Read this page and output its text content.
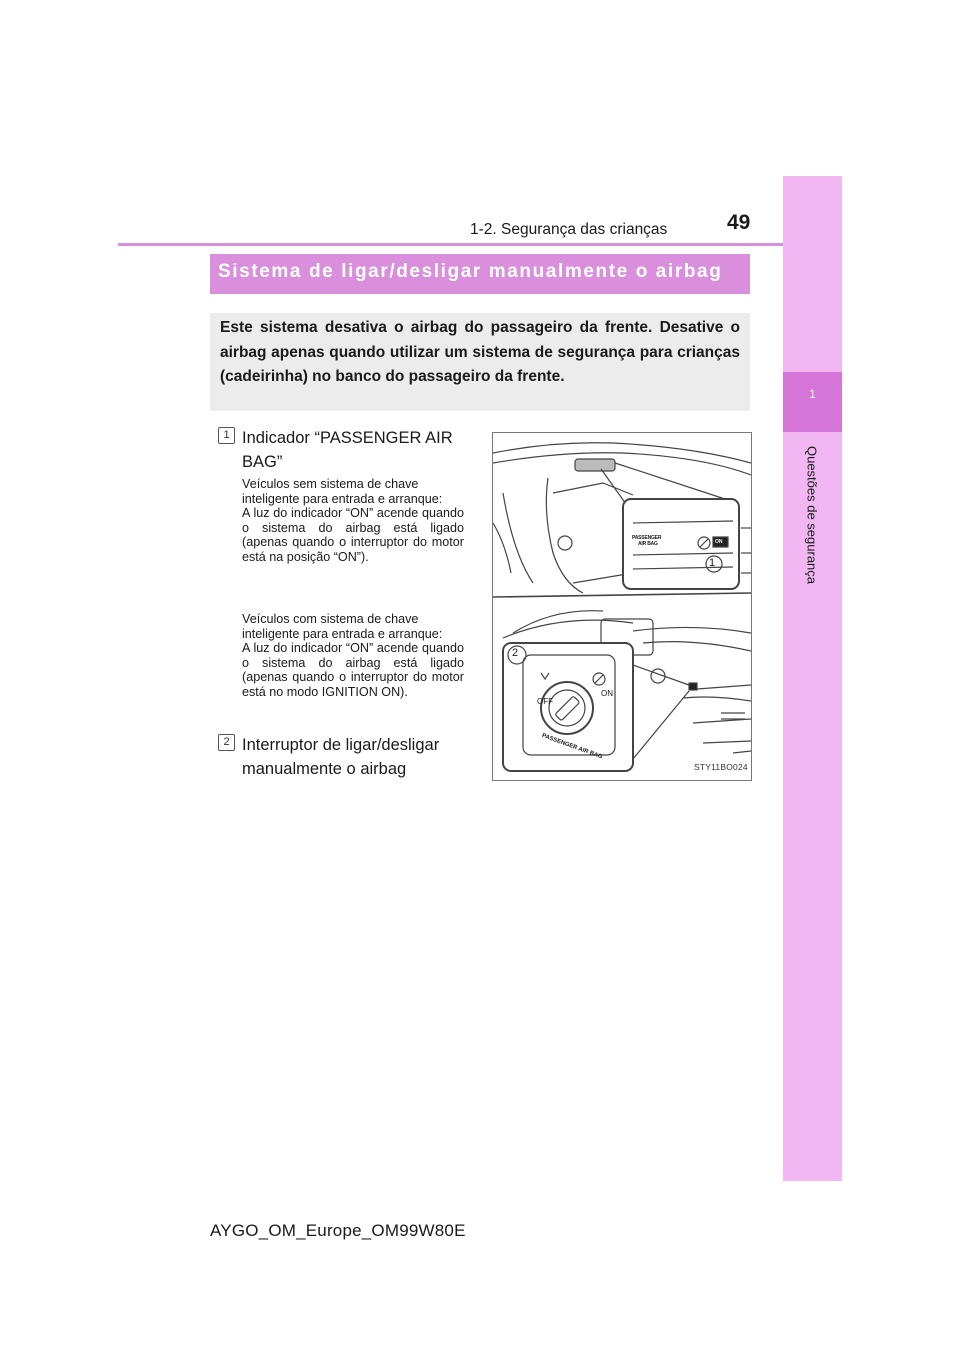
49
1-2. Segurança das crianças
1
Questões de segurança
Sistema de ligar/desligar manualmente o airbag
Este sistema desativa o airbag do passageiro da frente. Desative o airbag apenas quando utilizar um sistema de segurança para crianças (cadeirinha) no banco do passageiro da frente.
1 Indicador “PASSENGER AIR BAG”
Veículos sem sistema de chave inteligente para entrada e arranque:
A luz do indicador “ON” acende quando o sistema do airbag está ligado (apenas quando o interruptor do motor está na posição “ON”).
Veículos com sistema de chave inteligente para entrada e arranque:
A luz do indicador “ON” acende quando o sistema do airbag está ligado (apenas quando o interruptor do motor está no modo IGNITION ON).
2 Interruptor de ligar/desligar manualmente o airbag
1
2
PASSENGER
AIR BAG	ON
OFF
ON
PASSENGER AIR BAG
STY11BO024
AYGO_OM_Europe_OM99W80E
